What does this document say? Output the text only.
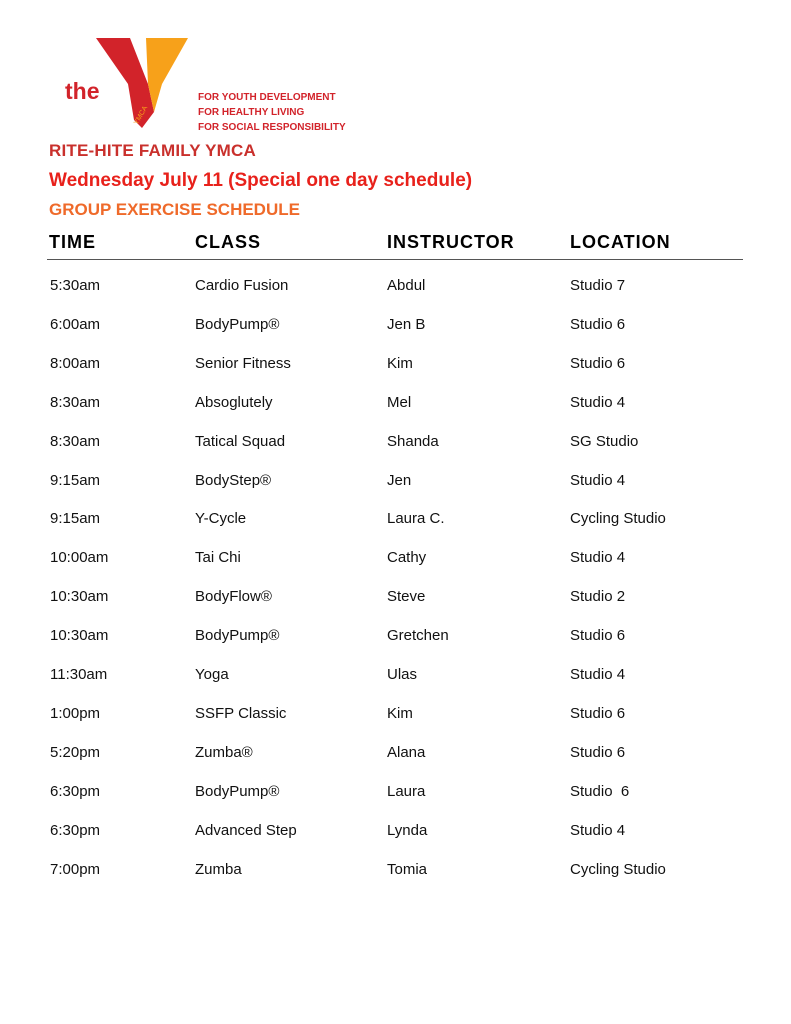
the
YMCA
FOR YOUTH DEVELOPMENT
FOR HEALTHY LIVING
FOR SOCIAL RESPONSIBILITY
RITE-HITE FAMILY YMCA
Wednesday July 11 (Special one day schedule)
GROUP EXERCISE SCHEDULE
TIME	CLASS	INSTRUCTOR	LOCATION
5:30am	Cardio Fusion	Abdul	Studio 7
6:00am	BodyPump®	Jen B	Studio 6
8:00am	Senior Fitness	Kim	Studio 6
8:30am	Absoglutely	Mel	Studio 4
8:30am	Tatical Squad	Shanda	SG Studio
9:15am	BodyStep®	Jen	Studio 4
9:15am	Y-Cycle	Laura C.	Cycling Studio
10:00am	Tai Chi	Cathy	Studio 4
10:30am	BodyFlow®	Steve	Studio 2
10:30am	BodyPump®	Gretchen	Studio 6
11:30am	Yoga	Ulas	Studio 4
1:00pm	SSFP Classic	Kim	Studio 6
5:20pm	Zumba®	Alana	Studio 6
6:30pm	BodyPump®	Laura	Studio  6
6:30pm	Advanced Step	Lynda	Studio 4
7:00pm	Zumba	Tomia	Cycling Studio
